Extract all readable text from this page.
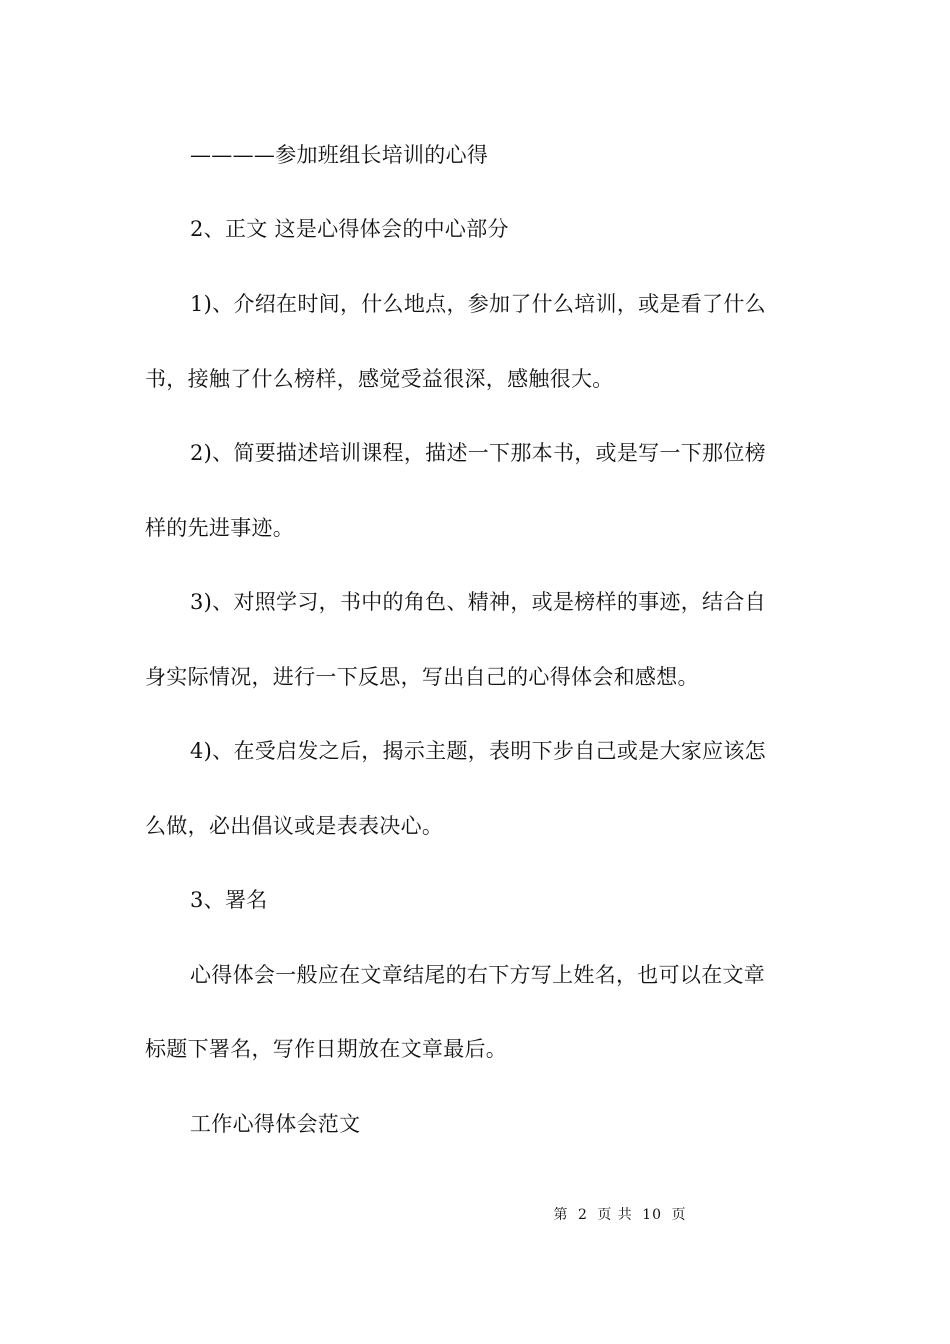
————参加班组长培训的心得
2、正文 这是心得体会的中心部分
1)、介绍在时间，什么地点，参加了什么培训，或是看了什么
书，接触了什么榜样，感觉受益很深，感触很大。
2)、简要描述培训课程，描述一下那本书，或是写一下那位榜
样的先进事迹。
3)、对照学习，书中的角色、精神，或是榜样的事迹，结合自
身实际情况，进行一下反思，写出自己的心得体会和感想。
4)、在受启发之后，揭示主题，表明下步自己或是大家应该怎
么做，必出倡议或是表表决心。
3、署名
心得体会一般应在文章结尾的右下方写上姓名，也可以在文章
标题下署名，写作日期放在文章最后。
工作心得体会范文
第 2 页 共 10 页
